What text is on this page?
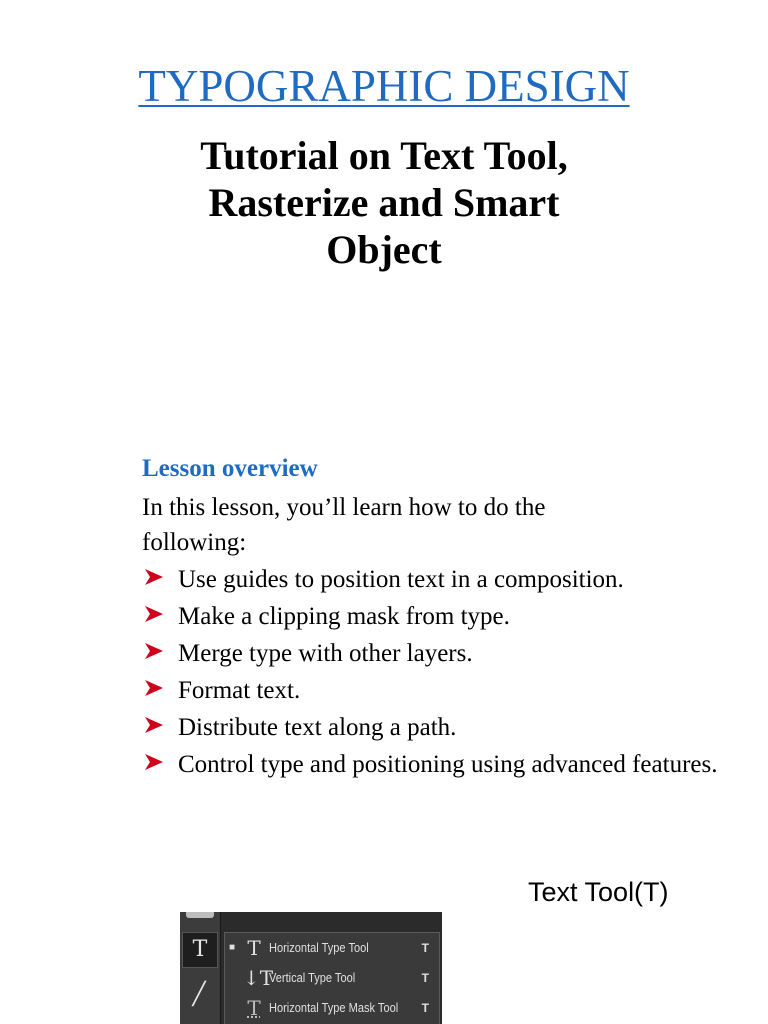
TYPOGRAPHIC DESIGN
Tutorial on Text Tool,
Rasterize and Smart
Object
Lesson overview

In this lesson, you’ll learn how to do the following:

Use guides to position text in a composition.
Make a clipping mask from type.
Merge type with other layers.
Format text.
Distribute text along a path.
Control type and positioning using advanced features.

Text Tool(T)

T
╱
■ T Horizontal Type Tool	T
↓T
Vertical Type Tool	T
T Horizontal Type Mask Tool T
